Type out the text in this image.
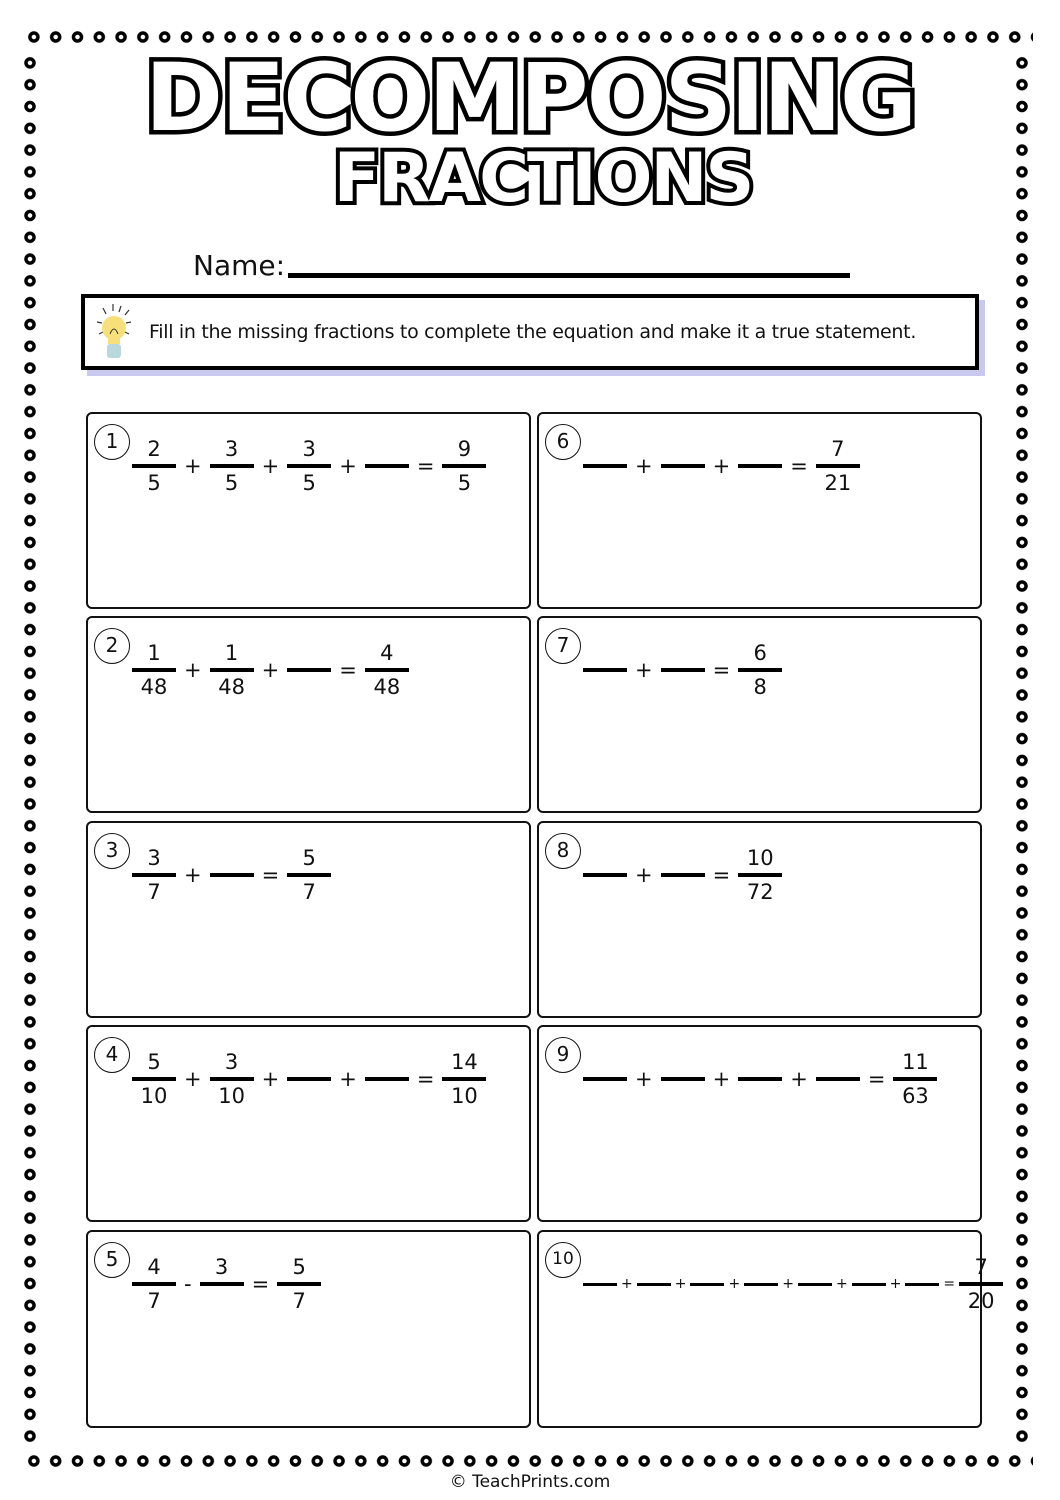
DECOMPOSING
FRACTIONS
Name:
Fill in the missing fractions to complete the equation and make it a true statement.
$1 \frac{2}{5} + \frac{3}{5} + \frac{3}{5}$ +	= $\frac{9}{5}$
$2 \frac{1}{48} + \frac{1}{48}$ +	= $\frac{4}{48}$
$3 \frac{3}{7}$ +	= $\frac{5}{7}$
$4 \frac{5}{10} + \frac{3}{10}$ +	+	= $\frac{14}{10}$
$5 \frac{4}{7}$ -
3
= $\frac{5}{7}$
6
+	+	= $\frac{7}{21}$
7
+	= $\frac{6}{8}$
8
+	= $\frac{10}{72}$
9
+	+	+	= $\frac{11}{63}$
10
+	+	+	+	+	+	= $\frac{7}{20}$
© TeachPrints.com
